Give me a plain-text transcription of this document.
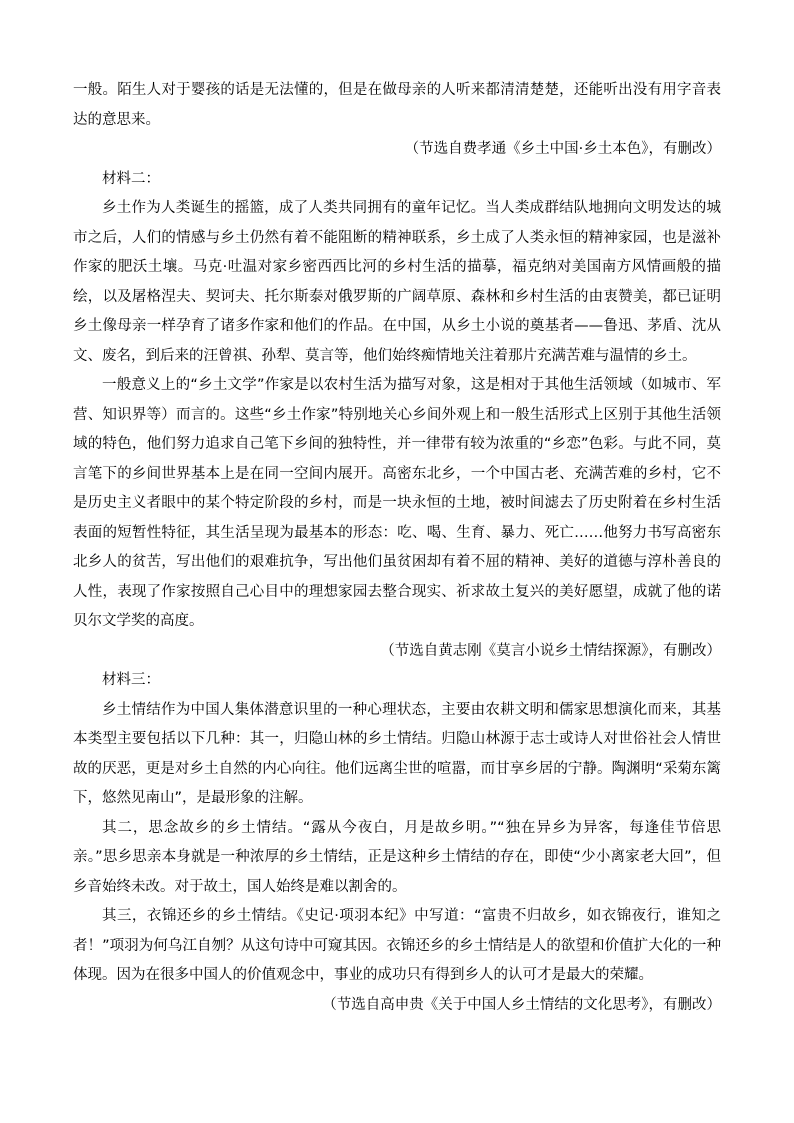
一般。陌生人对于婴孩的话是无法懂的，但是在做母亲的人听来都清清楚楚，还能听出没有用字音表达的意思来。

（节选自费孝通《乡土中国·乡土本色》，有删改）

材料二：

乡土作为人类诞生的摇篮，成了人类共同拥有的童年记忆。当人类成群结队地拥向文明发达的城市之后，人们的情感与乡土仍然有着不能阻断的精神联系，乡土成了人类永恒的精神家园，也是滋补作家的肥沃土壤。马克·吐温对家乡密西西比河的乡村生活的描摹，福克纳对美国南方风情画般的描绘，以及屠格涅夫、契诃夫、托尔斯泰对俄罗斯的广阔草原、森林和乡村生活的由衷赞美，都已证明乡土像母亲一样孕育了诸多作家和他们的作品。在中国，从乡土小说的奠基者——鲁迅、茅盾、沈从文、废名，到后来的汪曾祺、孙犁、莫言等，他们始终痴情地关注着那片充满苦难与温情的乡土。

一般意义上的“乡土文学”作家是以农村生活为描写对象，这是相对于其他生活领域（如城市、军营、知识界等）而言的。这些“乡土作家”特别地关心乡间外观上和一般生活形式上区别于其他生活领域的特色，他们努力追求自己笔下乡间的独特性，并一律带有较为浓重的“乡恋”色彩。与此不同，莫言笔下的乡间世界基本上是在同一空间内展开。高密东北乡，一个中国古老、充满苦难的乡村，它不是历史主义者眼中的某个特定阶段的乡村，而是一块永恒的土地，被时间滤去了历史附着在乡村生活表面的短暂性特征，其生活呈现为最基本的形态：吃、喝、生育、暴力、死亡……他努力书写高密东北乡人的贫苦，写出他们的艰难抗争，写出他们虽贫困却有着不屈的精神、美好的道德与淳朴善良的人性，表现了作家按照自己心目中的理想家园去整合现实、祈求故土复兴的美好愿望，成就了他的诺贝尔文学奖的高度。

（节选自黄志刚《莫言小说乡土情结探源》，有删改）

材料三：

乡土情结作为中国人集体潜意识里的一种心理状态，主要由农耕文明和儒家思想演化而来，其基本类型主要包括以下几种：其一，归隐山林的乡土情结。归隐山林源于志士或诗人对世俗社会人情世故的厌恶，更是对乡土自然的内心向往。他们远离尘世的喧嚣，而甘享乡居的宁静。陶渊明“采菊东篱下，悠然见南山”，是最形象的注解。

其二，思念故乡的乡土情结。“露从今夜白，月是故乡明。”“独在异乡为异客，每逢佳节倍思亲。”思乡思亲本身就是一种浓厚的乡土情结，正是这种乡土情结的存在，即使“少小离家老大回”，但乡音始终未改。对于故土，国人始终是难以割舍的。

其三，衣锦还乡的乡土情结。《史记·项羽本纪》中写道：“富贵不归故乡，如衣锦夜行，谁知之者！”项羽为何乌江自刎？从这句诗中可窥其因。衣锦还乡的乡土情结是人的欲望和价值扩大化的一种体现。因为在很多中国人的价值观念中，事业的成功只有得到乡人的认可才是最大的荣耀。

（节选自高申贵《关于中国人乡土情结的文化思考》，有删改）
